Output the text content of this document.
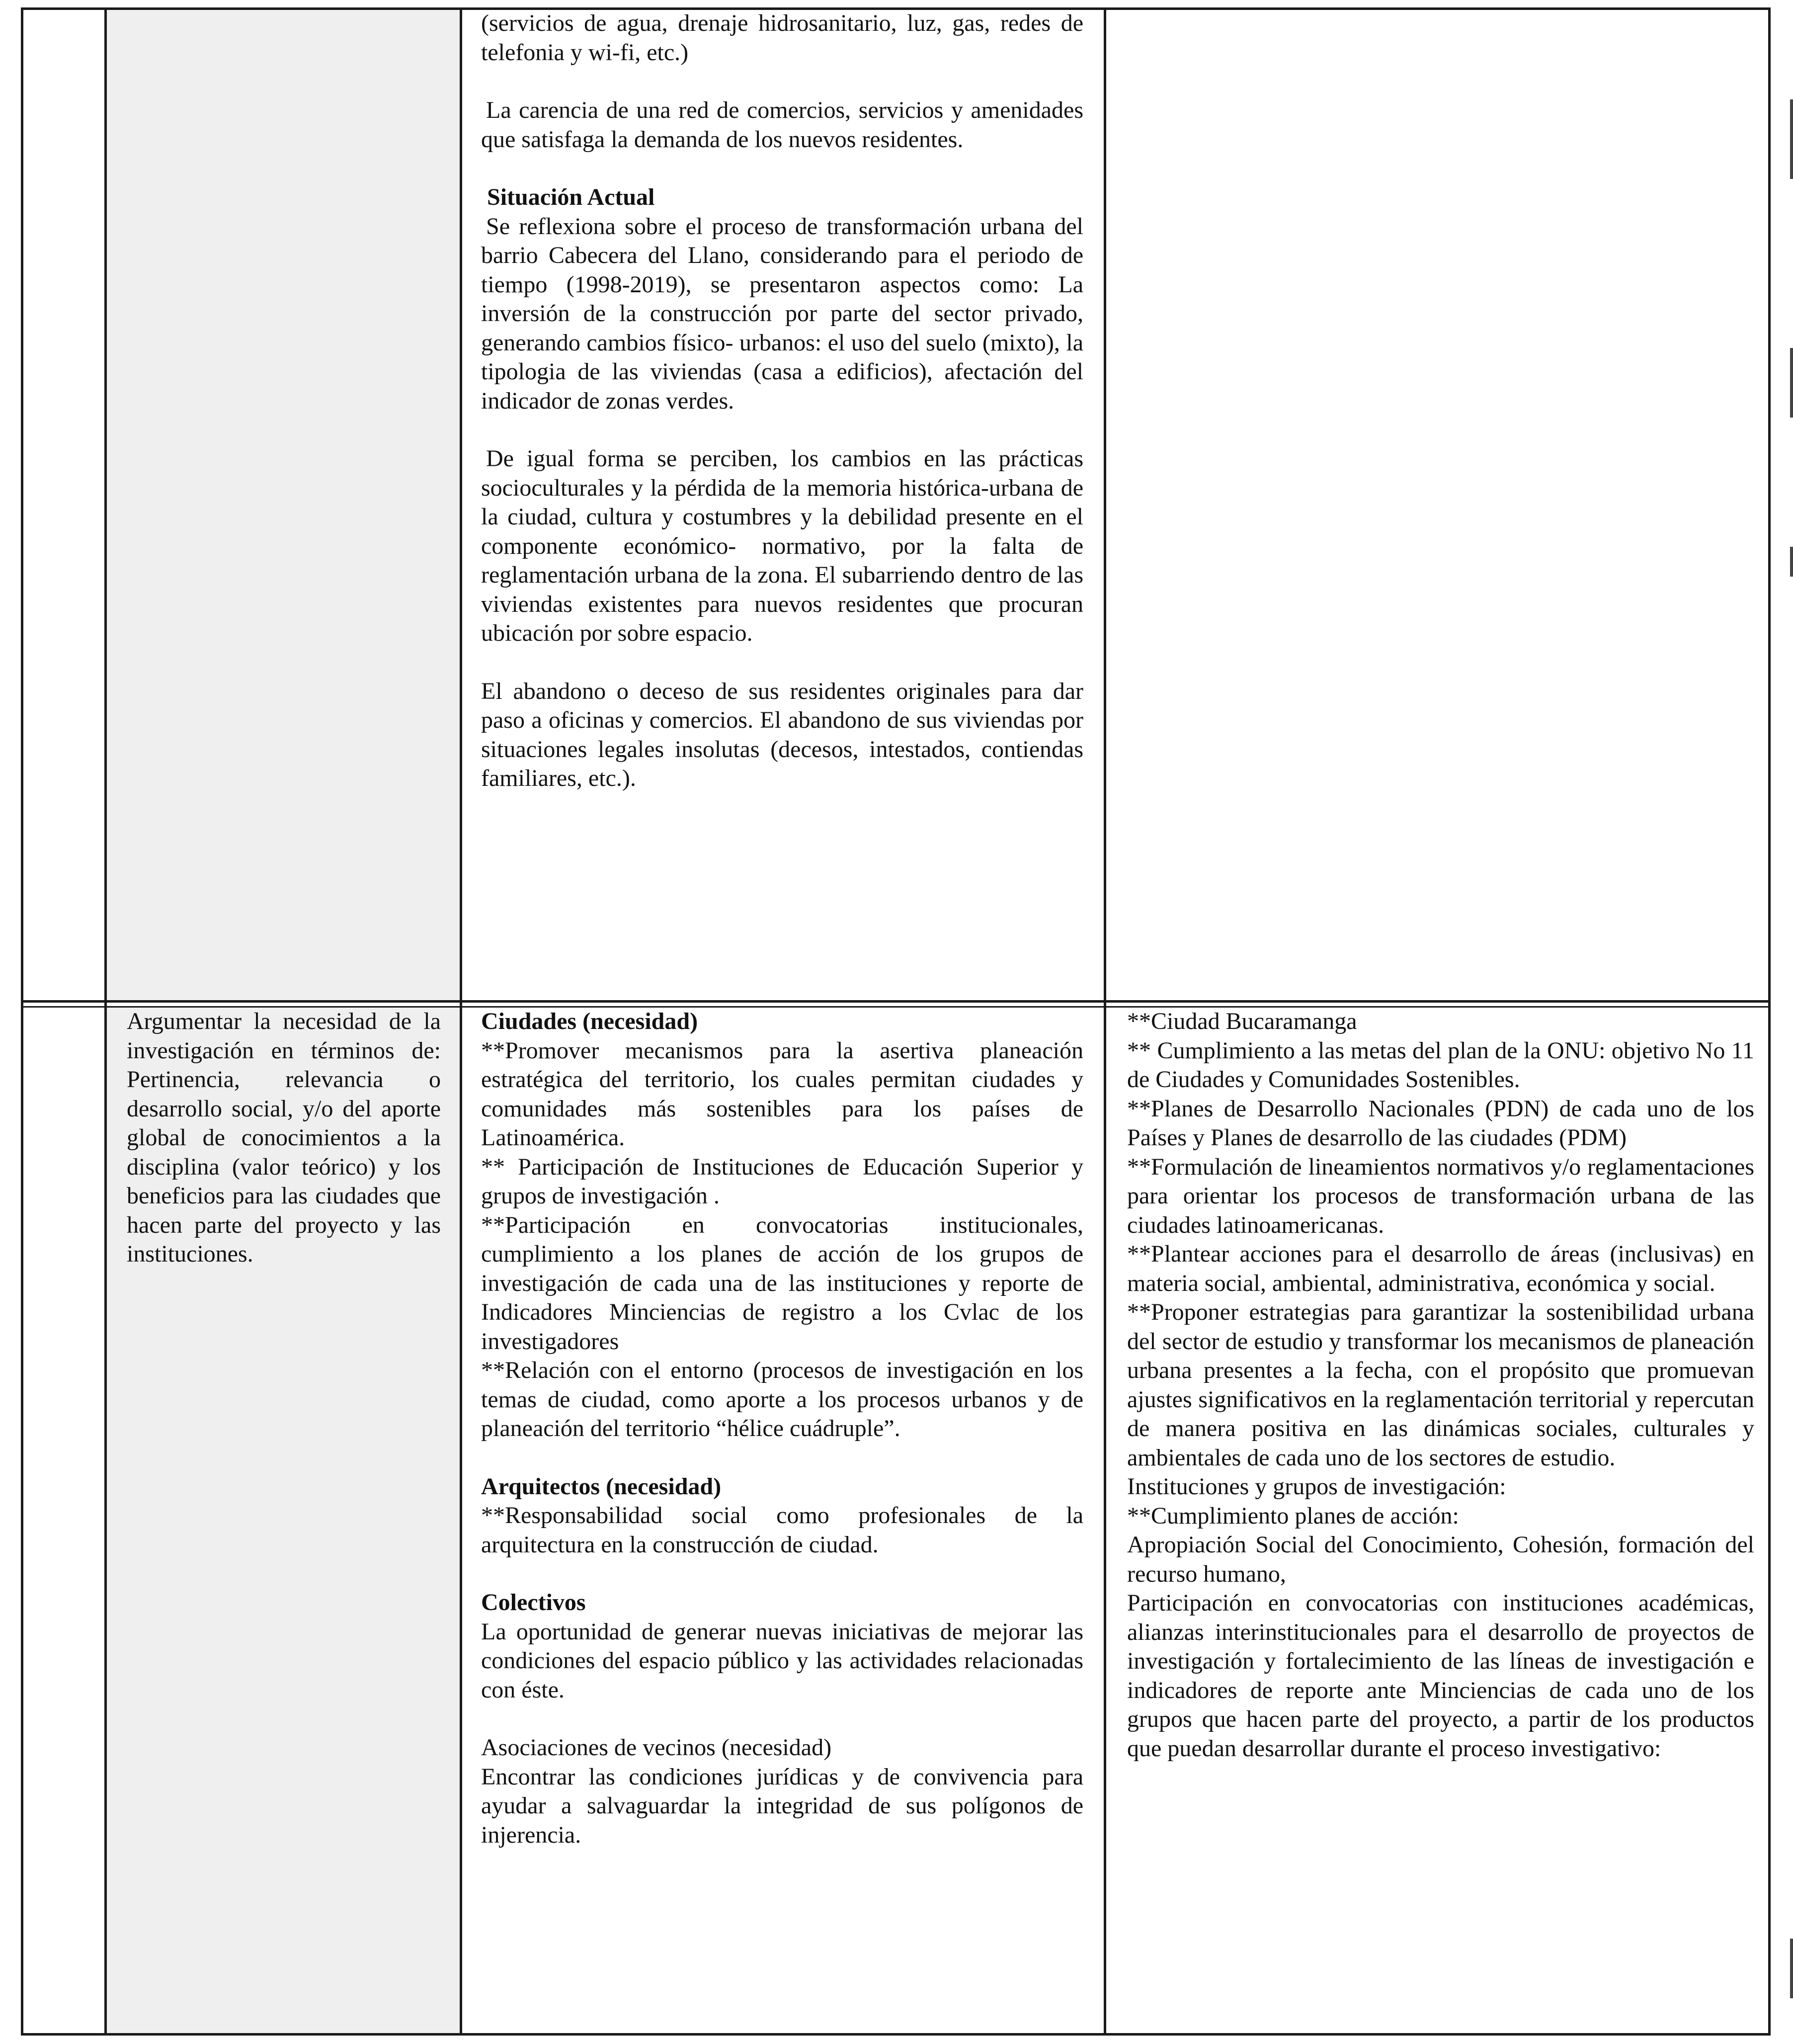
(servicios de agua, drenaje hidrosanitario, luz, gas, redes de telefonia y wi-fi, etc.)

La carencia de una red de comercios, servicios y amenidades que satisfaga la demanda de los nuevos residentes.

Situación Actual

Se reflexiona sobre el proceso de transformación urbana del barrio Cabecera del Llano, considerando para el periodo de tiempo (1998-2019), se presentaron aspectos como: La inversión de la construcción por parte del sector privado, generando cambios físico- urbanos: el uso del suelo (mixto), la tipologia de las viviendas (casa a edificios), afectación del indicador de zonas verdes.

De igual forma se perciben, los cambios en las prácticas socioculturales y la pérdida de la memoria histórica-urbana de la ciudad, cultura y costumbres y la debilidad presente en el componente económico- normativo, por la falta de reglamentación urbana de la zona. El subarriendo dentro de las viviendas existentes para nuevos residentes que procuran ubicación por sobre espacio.

El abandono o deceso de sus residentes originales para dar paso a oficinas y comercios. El abandono de sus viviendas por situaciones legales insolutas (decesos, intestados, contiendas familiares, etc.).

Argumentar la necesidad de la investigación en términos de: Pertinencia, relevancia o desarrollo social, y/o del aporte global de conocimientos a la disciplina (valor teórico) y los beneficios para las ciudades que hacen parte del proyecto y las instituciones.

Ciudades (necesidad)

**Promover mecanismos para la asertiva planeación estratégica del territorio, los cuales permitan ciudades y comunidades más sostenibles para los países de Latinoamérica.

** Participación de Instituciones de Educación Superior y grupos de investigación .

**Participación en convocatorias institucionales, cumplimiento a los planes de acción de los grupos de investigación de cada una de las instituciones y reporte de Indicadores Minciencias de registro a los Cvlac de los investigadores

**Relación con el entorno (procesos de investigación en los temas de ciudad, como aporte a los procesos urbanos y de planeación del territorio “hélice cuádruple”.

Arquitectos (necesidad)

**Responsabilidad social como profesionales de la arquitectura en la construcción de ciudad.

Colectivos

La oportunidad de generar nuevas iniciativas de mejorar las condiciones del espacio público y las actividades relacionadas con éste.

Asociaciones de vecinos (necesidad)

Encontrar las condiciones jurídicas y de convivencia para ayudar a salvaguardar la integridad de sus polígonos de injerencia.

**Ciudad Bucaramanga

** Cumplimiento a las metas del plan de la ONU: objetivo No 11 de Ciudades y Comunidades Sostenibles.

**Planes de Desarrollo Nacionales (PDN) de cada uno de los Países y Planes de desarrollo de las ciudades (PDM)

**Formulación de lineamientos normativos y/o reglamentaciones para orientar los procesos de transformación urbana de las ciudades latinoamericanas.

**Plantear acciones para el desarrollo de áreas (inclusivas) en materia social, ambiental, administrativa, económica y social.

**Proponer estrategias para garantizar la sostenibilidad urbana del sector de estudio y transformar los mecanismos de planeación urbana presentes a la fecha, con el propósito que promuevan ajustes significativos en la reglamentación territorial y repercutan de manera positiva en las dinámicas sociales, culturales y ambientales de cada uno de los sectores de estudio.

Instituciones y grupos de investigación:

**Cumplimiento planes de acción:

Apropiación Social del Conocimiento, Cohesión, formación del recurso humano,

Participación en convocatorias con instituciones académicas, alianzas interinstitucionales para el desarrollo de proyectos de investigación y fortalecimiento de las líneas de investigación e indicadores de reporte ante Minciencias de cada uno de los grupos que hacen parte del proyecto, a partir de los productos que puedan desarrollar durante el proceso investigativo:
